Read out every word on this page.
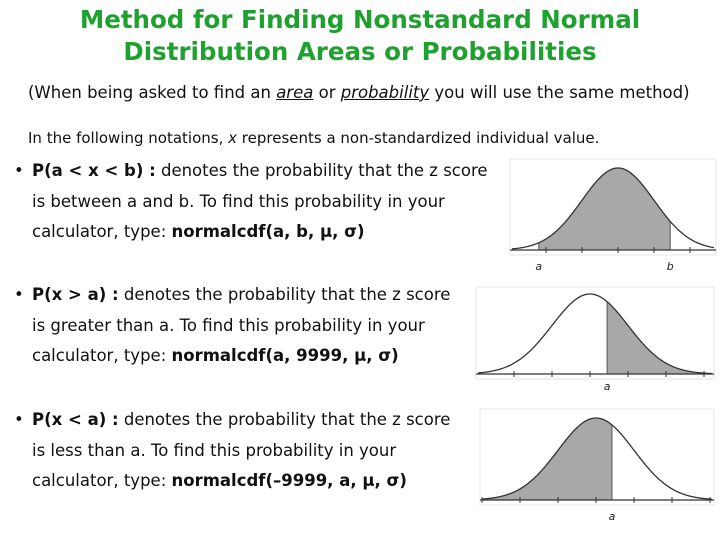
Method for Finding Nonstandard Normal
Distribution Areas or Probabilities
(When being asked to find an area or probability you will use the same method)
In the following notations, x represents a non-standardized individual value.
• P(a < x < b) : denotes the probability that the z score
is between a and b. To find this probability in your
calculator, type: normalcdf(a, b, μ, σ)
• P(x > a) : denotes the probability that the z score
is greater than a. To find this probability in your
calculator, type: normalcdf(a, 9999, μ, σ)
• P(x < a) : denotes the probability that the z score
is less than a. To find this probability in your
calculator, type: normalcdf(–9999, a, μ, σ)
a	b
a
a
